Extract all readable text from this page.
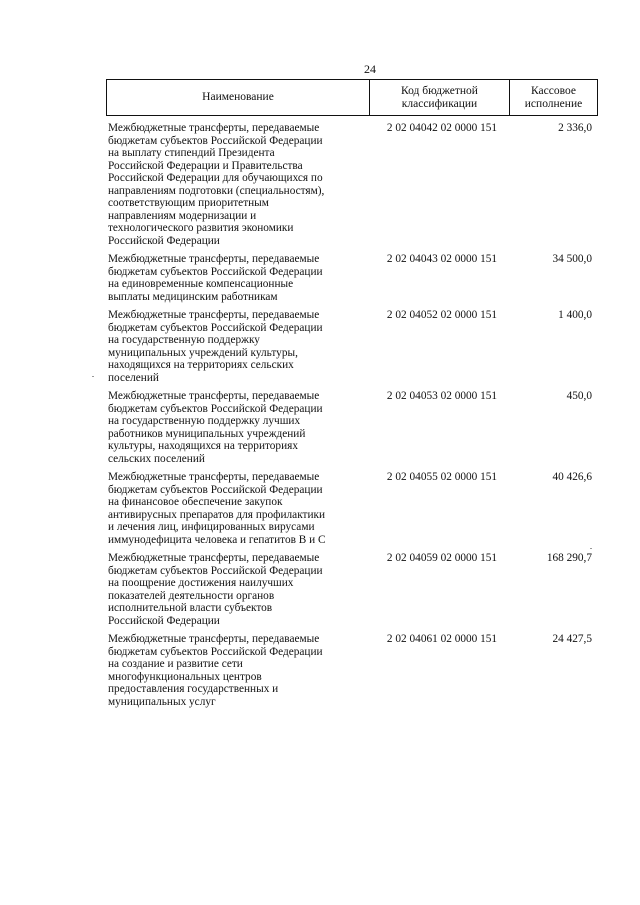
24
Наименование
Код бюджетной классификации
Кассовое исполнение
Межбюджетные трансферты, передаваемые
бюджетам субъектов Российской Федерации
на выплату стипендий Президента
Российской Федерации и Правительства
Российской Федерации для обучающихся по
направлениям подготовки (специальностям),
соответствующим приоритетным
направлениям модернизации и
технологического развития экономики
Российской Федерации
2 02 04042 02 0000 151	2 336,0
Межбюджетные трансферты, передаваемые
бюджетам субъектов Российской Федерации
на единовременные компенсационные
выплаты медицинским работникам
2 02 04043 02 0000 151	34 500,0
Межбюджетные трансферты, передаваемые
бюджетам субъектов Российской Федерации
на государственную поддержку
муниципальных учреждений культуры,
находящихся на территориях сельских
поселений
2 02 04052 02 0000 151	1 400,0
Межбюджетные трансферты, передаваемые
бюджетам субъектов Российской Федерации
на государственную поддержку лучших
работников муниципальных учреждений
культуры, находящихся на территориях
сельских поселений
2 02 04053 02 0000 151	450,0
Межбюджетные трансферты, передаваемые
бюджетам субъектов Российской Федерации
на финансовое обеспечение закупок
антивирусных препаратов для профилактики
и лечения лиц, инфицированных вирусами
иммунодефицита человека и гепатитов B и C
2 02 04055 02 0000 151	40 426,6
Межбюджетные трансферты, передаваемые
бюджетам субъектов Российской Федерации
на поощрение достижения наилучших
показателей деятельности органов
исполнительной власти субъектов
Российской Федерации
2 02 04059 02 0000 151	168 290,7
Межбюджетные трансферты, передаваемые
бюджетам субъектов Российской Федерации
на создание и развитие сети
многофункциональных центров
предоставления государственных и
муниципальных услуг
2 02 04061 02 0000 151	24 427,5
